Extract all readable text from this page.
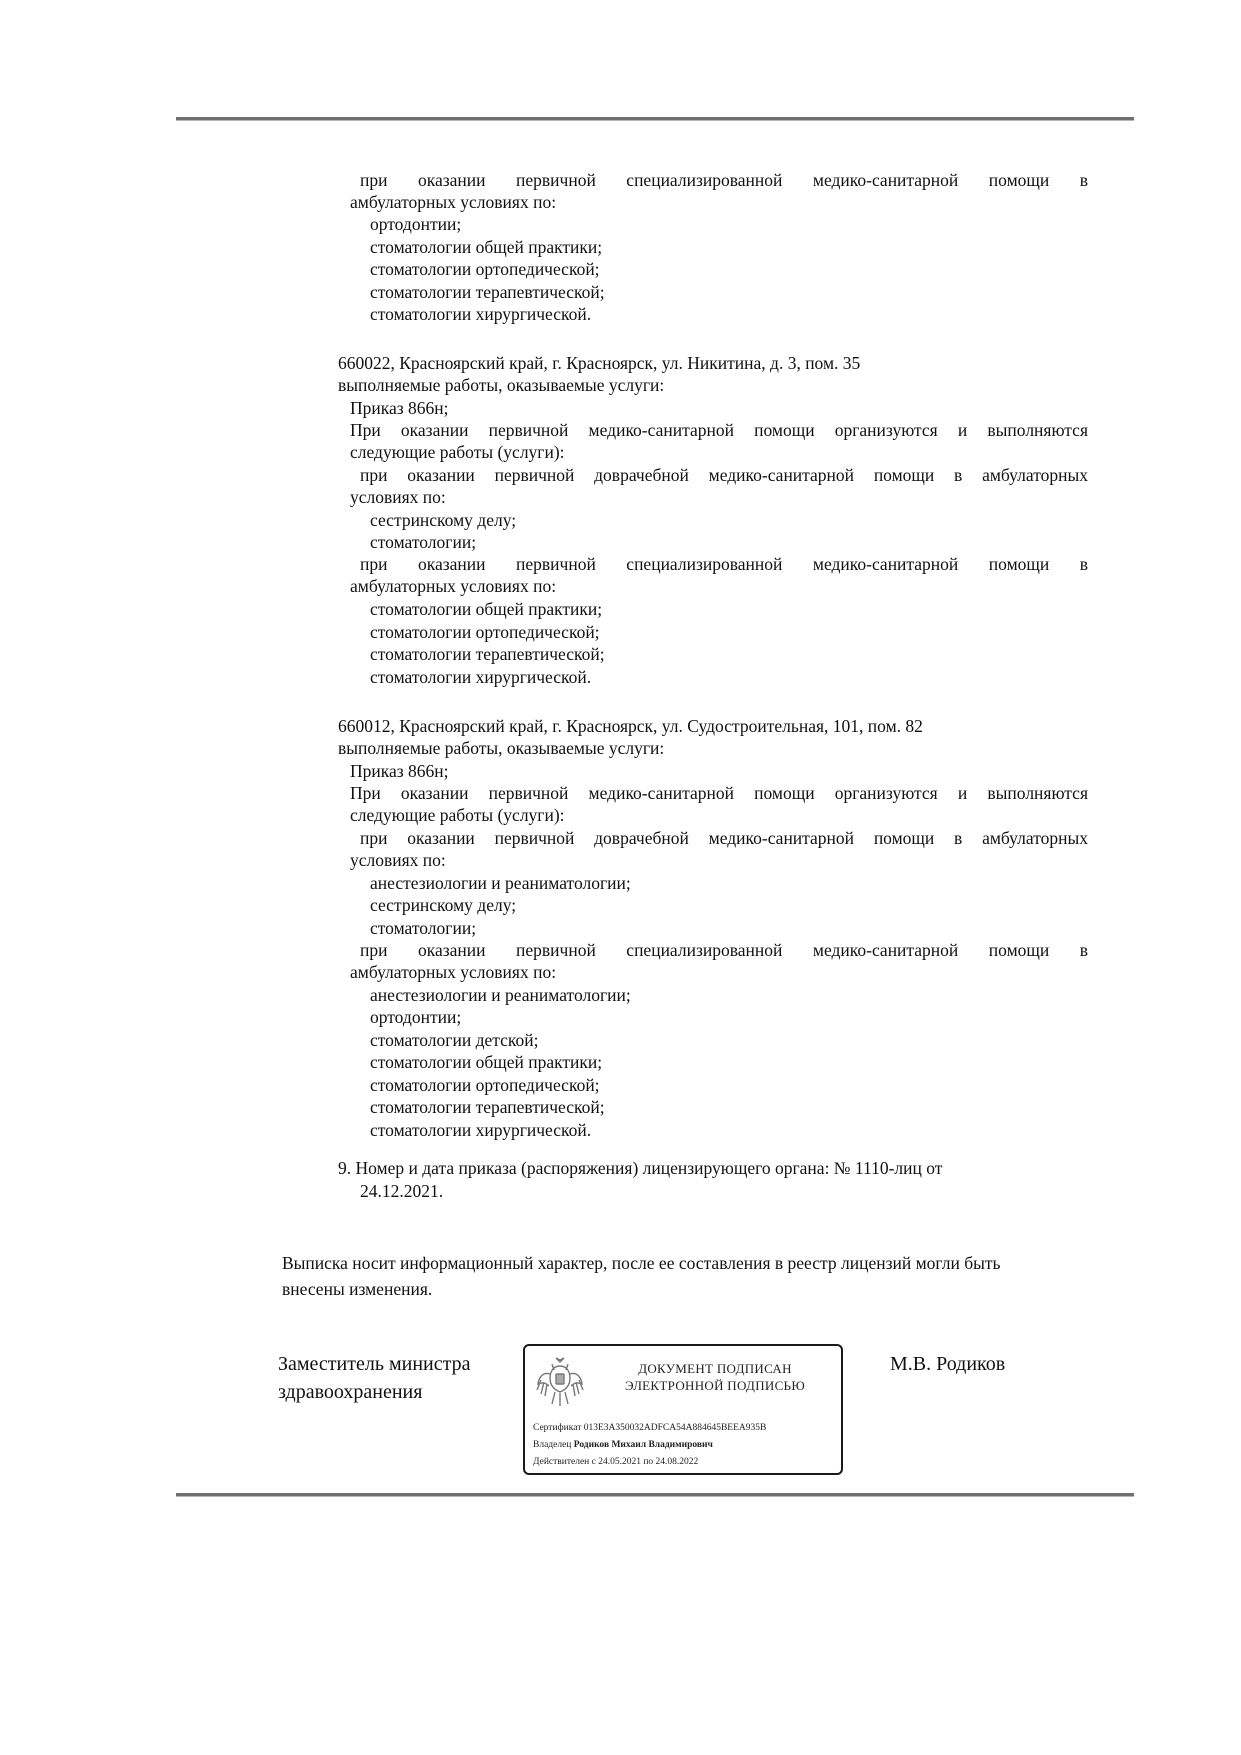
при оказании первичной специализированной медико-санитарной помощи в
амбулаторных условиях по:
ортодонтии;
стоматологии общей практики;
стоматологии ортопедической;
стоматологии терапевтической;
стоматологии хирургической.
660022, Красноярский край, г. Красноярск, ул. Никитина, д. 3, пом. 35
выполняемые работы, оказываемые услуги:
Приказ 866н;
При оказании первичной медико-санитарной помощи организуются и выполняются
следующие работы (услуги):
при оказании первичной доврачебной медико-санитарной помощи в амбулаторных
условиях по:
сестринскому делу;
стоматологии;
при оказании первичной специализированной медико-санитарной помощи в
амбулаторных условиях по:
стоматологии общей практики;
стоматологии ортопедической;
стоматологии терапевтической;
стоматологии хирургической.
660012, Красноярский край, г. Красноярск, ул. Судостроительная, 101, пом. 82
выполняемые работы, оказываемые услуги:
Приказ 866н;
При оказании первичной медико-санитарной помощи организуются и выполняются
следующие работы (услуги):
при оказании первичной доврачебной медико-санитарной помощи в амбулаторных
условиях по:
анестезиологии и реаниматологии;
сестринскому делу;
стоматологии;
при оказании первичной специализированной медико-санитарной помощи в
амбулаторных условиях по:
анестезиологии и реаниматологии;
ортодонтии;
стоматологии детской;
стоматологии общей практики;
стоматологии ортопедической;
стоматологии терапевтической;
стоматологии хирургической.
9. Номер и дата приказа (распоряжения) лицензирующего органа: № 1110-лиц от
24.12.2021.
Выписка носит информационный характер, после ее составления в реестр лицензий могли быть
внесены изменения.
Заместитель министра
здравоохранения
ДОКУМЕНТ ПОДПИСАН
ЭЛЕКТРОННОЙ ПОДПИСЬЮ
Сертификат 013E3A350032ADFCA54A884645BEEA935B
Владелец Родиков Михаил Владимирович
Действителен с 24.05.2021 по 24.08.2022
М.В. Родиков
